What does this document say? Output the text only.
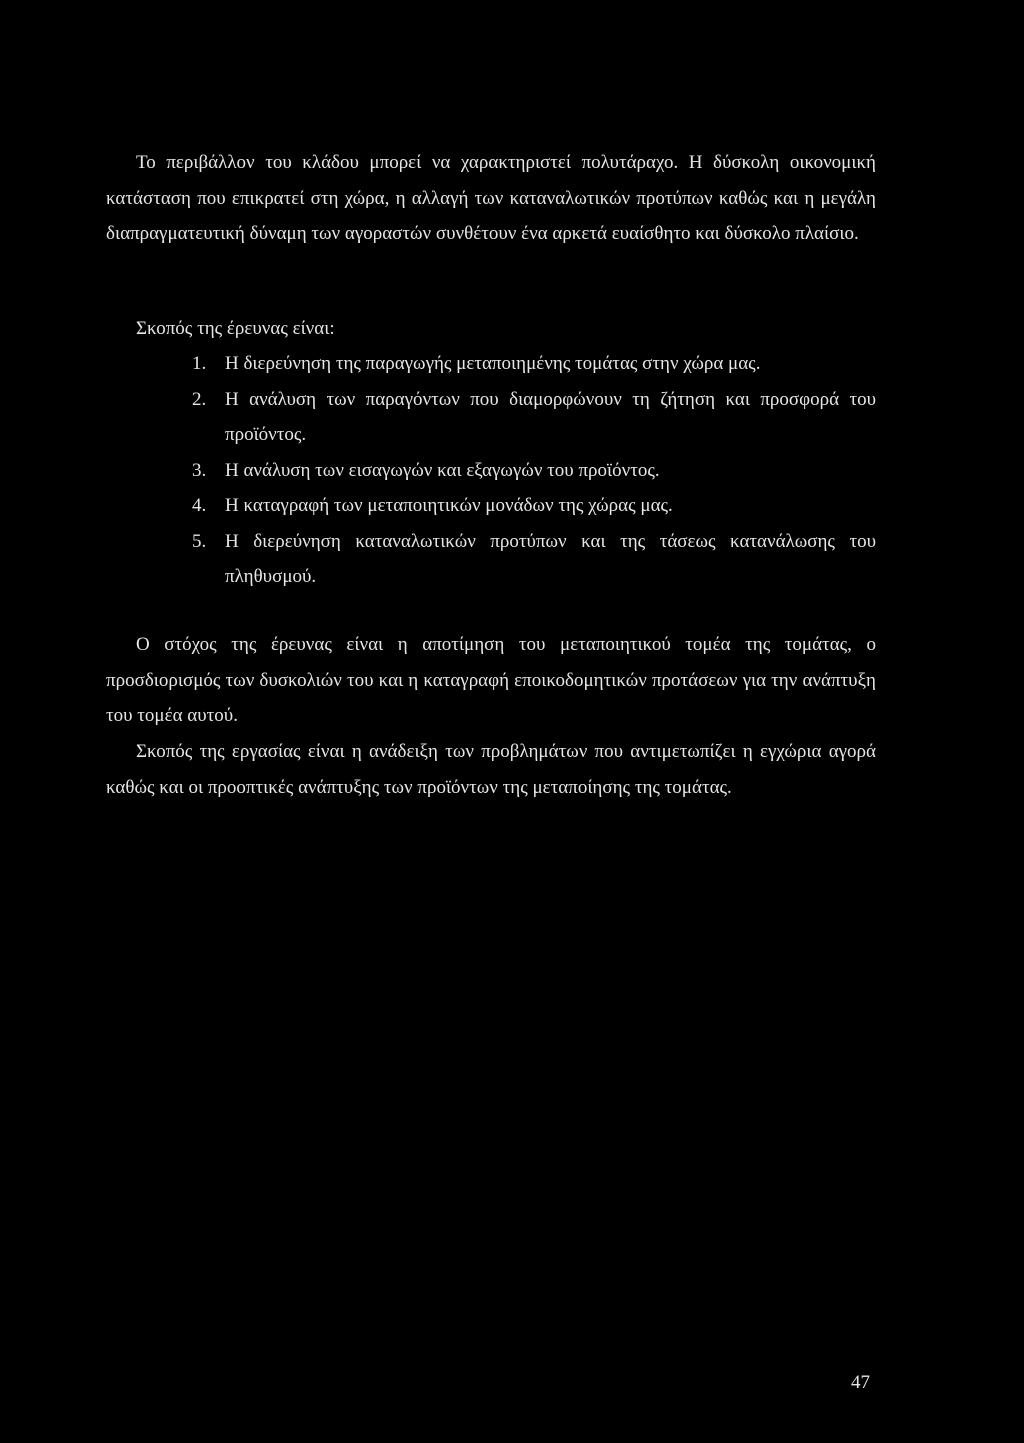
Το περιβάλλον του κλάδου μπορεί να χαρακτηριστεί πολυτάραχο. Η δύσκολη οικονομική κατάσταση που επικρατεί στη χώρα, η αλλαγή των καταναλωτικών προτύπων καθώς και η μεγάλη διαπραγματευτική δύναμη των αγοραστών συνθέτουν ένα αρκετά ευαίσθητο και δύσκολο πλαίσιο.

Σκοπός της έρευνας είναι:

1. Η διερεύνηση της παραγωγής μεταποιημένης τομάτας στην χώρα μας.
2. Η ανάλυση των παραγόντων που διαμορφώνουν τη ζήτηση και προσφορά του προϊόντος.
3. Η ανάλυση των εισαγωγών και εξαγωγών του προϊόντος.
4. Η καταγραφή των μεταποιητικών μονάδων της χώρας μας.
5. Η διερεύνηση καταναλωτικών προτύπων και της τάσεως κατανάλωσης του πληθυσμού.

Ο στόχος της έρευνας είναι η αποτίμηση του μεταποιητικού τομέα της τομάτας, ο προσδιορισμός των δυσκολιών του και η καταγραφή εποικοδομητικών προτάσεων για την ανάπτυξη του τομέα αυτού.

Σκοπός της εργασίας είναι η ανάδειξη των προβλημάτων που αντιμετωπίζει η εγχώρια αγορά καθώς και οι προοπτικές ανάπτυξης των προϊόντων της μεταποίησης της τομάτας.

47
